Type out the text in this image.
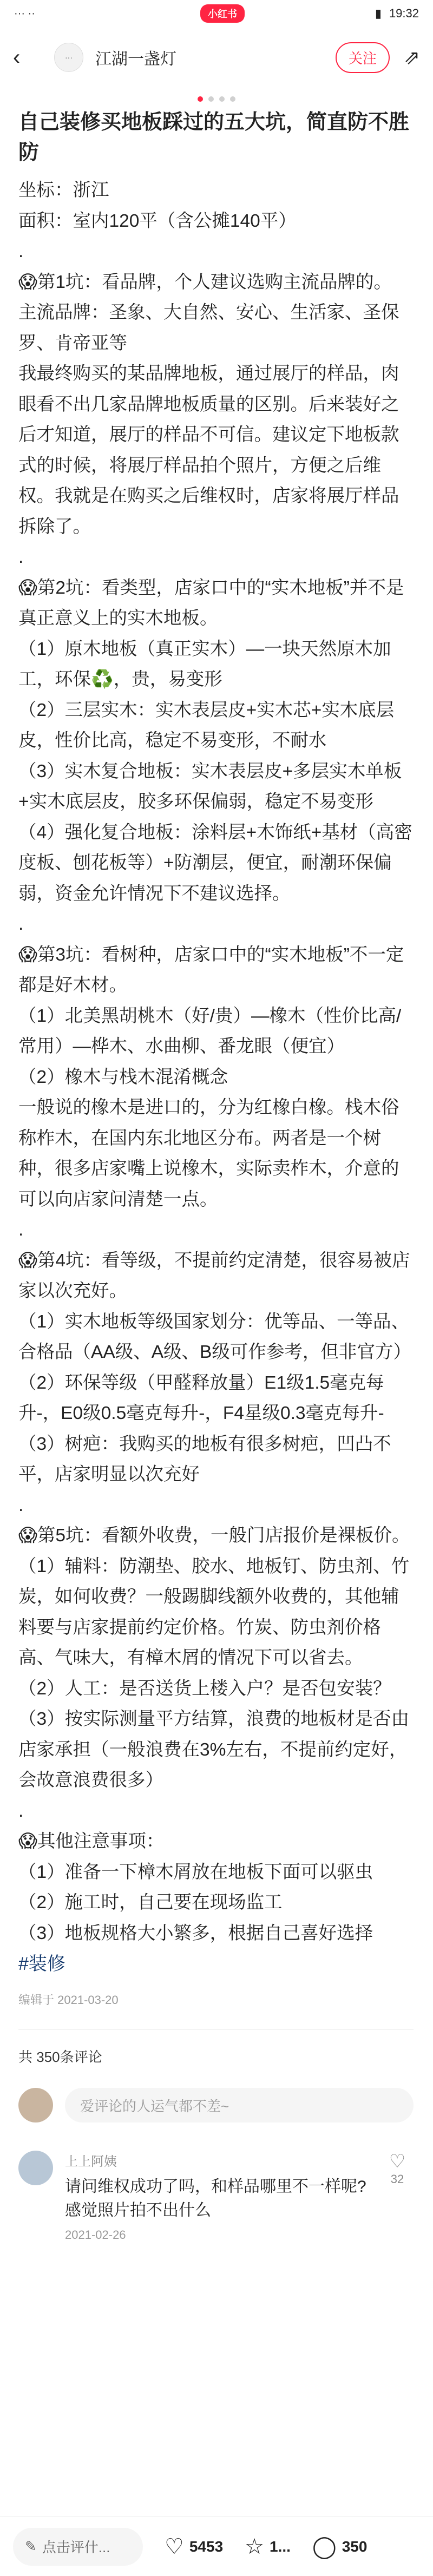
··· ··	小红书	▮ 19:32
‹	···	江湖一盏灯	关注	⇗
自己装修买地板踩过的五大坑，简直防不胜防

坐标：浙江
面积：室内120平（含公摊140平）
.
😱第1坑：看品牌，个人建议选购主流品牌的。
主流品牌：圣象、大自然、安心、生活家、圣保罗、肯帝亚等
我最终购买的某品牌地板，通过展厅的样品，肉眼看不出几家品牌地板质量的区别。后来装好之后才知道，展厅的样品不可信。建议定下地板款式的时候，将展厅样品拍个照片，方便之后维权。我就是在购买之后维权时，店家将展厅样品拆除了。
.
😱第2坑：看类型，店家口中的“实木地板”并不是真正意义上的实木地板。
（1）原木地板（真正实木）—一块天然原木加工，环保♻️，贵，易变形
（2）三层实木：实木表层皮+实木芯+实木底层皮，性价比高，稳定不易变形，不耐水
（3）实木复合地板：实木表层皮+多层实木单板+实木底层皮，胶多环保偏弱，稳定不易变形
（4）强化复合地板：涂料层+木饰纸+基材（高密度板、刨花板等）+防潮层，便宜，耐潮环保偏弱，资金允许情况下不建议选择。
.
😱第3坑：看树种，店家口中的“实木地板”不一定都是好木材。
（1）北美黑胡桃木（好/贵）—橡木（性价比高/常用）—桦木、水曲柳、番龙眼（便宜）
（2）橡木与栈木混淆概念
一般说的橡木是进口的，分为红橡白橡。栈木俗称柞木，在国内东北地区分布。两者是一个树种，很多店家嘴上说橡木，实际卖柞木，介意的可以向店家问清楚一点。
.
😱第4坑：看等级，不提前约定清楚，很容易被店家以次充好。
（1）实木地板等级国家划分：优等品、一等品、合格品（AA级、A级、B级可作参考，但非官方）
（2）环保等级（甲醛释放量）E1级1.5毫克每升-，E0级0.5毫克每升-，F4星级0.3毫克每升-
（3）树疤：我购买的地板有很多树疤，凹凸不平，店家明显以次充好
.
😱第5坑：看额外收费，一般门店报价是裸板价。
（1）辅料：防潮垫、胶水、地板钉、防虫剂、竹炭，如何收费？一般踢脚线额外收费的，其他辅料要与店家提前约定价格。竹炭、防虫剂价格高、气味大，有樟木屑的情况下可以省去。
（2）人工：是否送货上楼入户？是否包安装？
（3）按实际测量平方结算，浪费的地板材是否由店家承担（一般浪费在3%左右，不提前约定好，会故意浪费很多）
.
😱其他注意事项：
（1）准备一下樟木屑放在地板下面可以驱虫
（2）施工时，自己要在现场监工
（3）地板规格大小繁多，根据自己喜好选择

#装修
编辑于 2021-03-20
共 350条评论
爱评论的人运气都不差~
上上阿姨
请问维权成功了吗，和样品哪里不一样呢?感觉照片拍不出什么
2021-02-26
♡
32
✎ 点击评什...	♡ 5453 ☆ 1... ◯ 350
